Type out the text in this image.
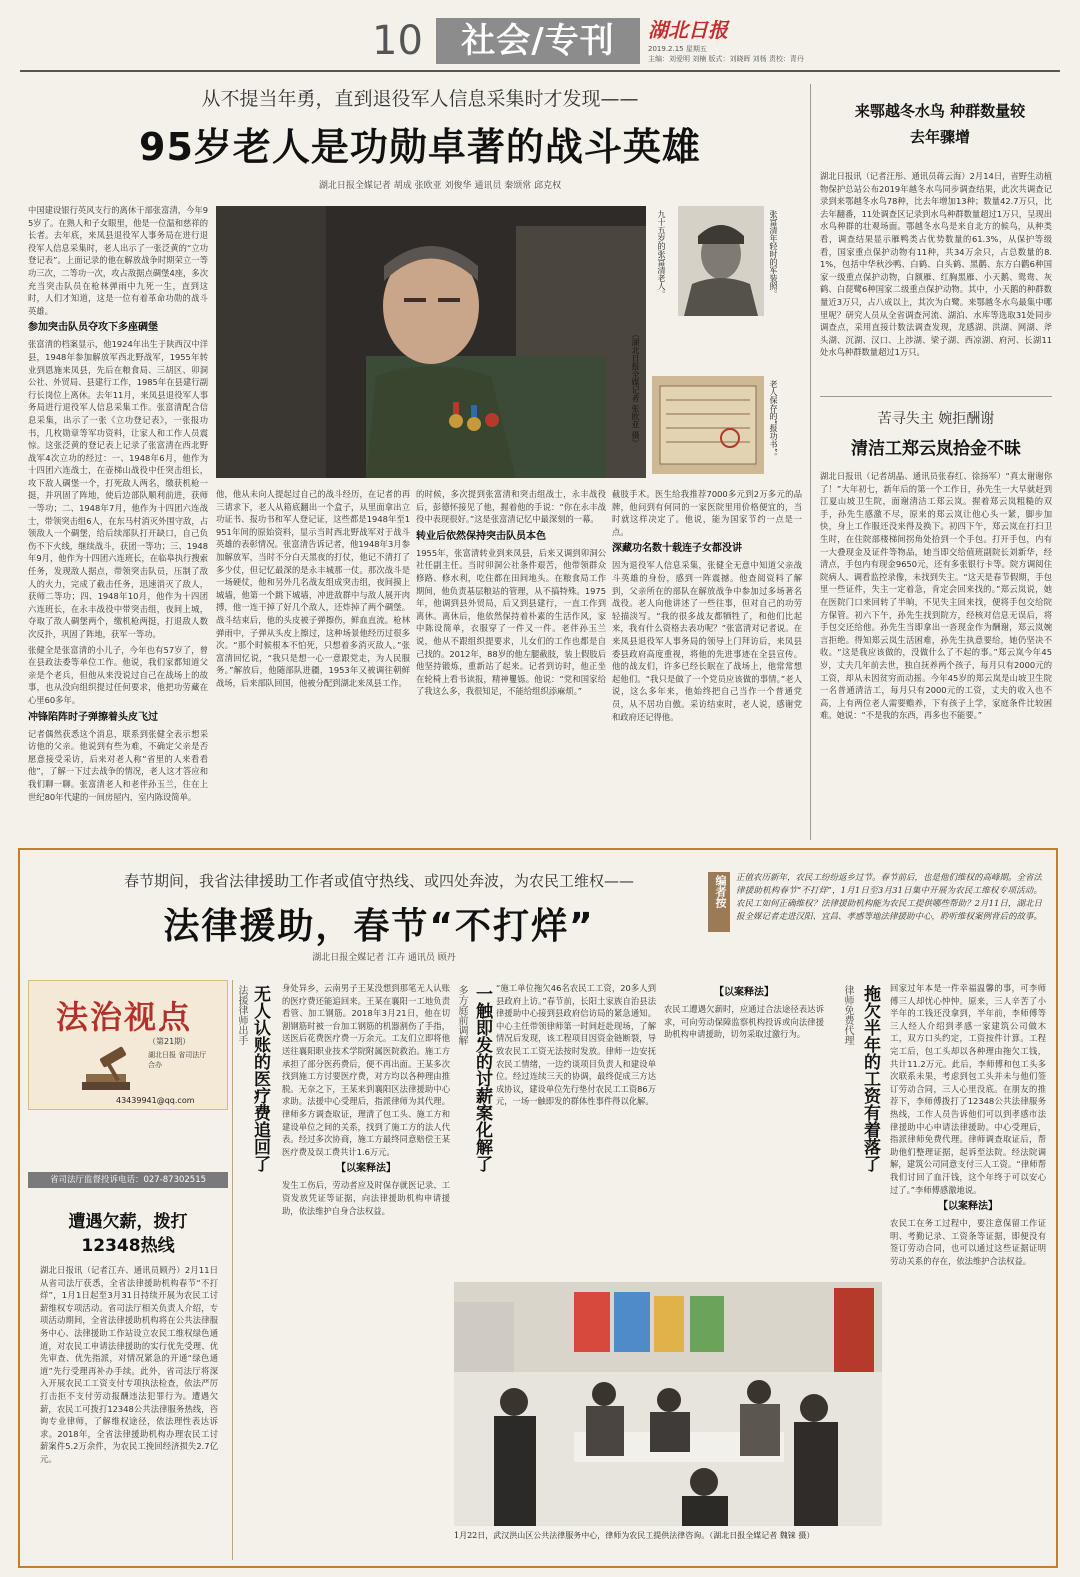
10	社会/专刊	湖北日报
2019.2.15 星期五
主编：刘爱明 刘楠 版式：刘晓晖 刘杨 责校：青丹
从不提当年勇，直到退役军人信息采集时才发现——
95岁老人是功勋卓著的战斗英雄
湖北日报全媒记者 胡成 张欧亚 刘俊华 通讯员 秦颂常 邱克权
中国建设银行英风支行的离休干部张富清，今年95岁了。在熟人和子女眼里，他是一位温和慈祥的长者。去年底，来凤县退役军人事务局在进行退役军人信息采集时，老人出示了一张泛黄的“立功登记表”。上面记录的他在解放战争时期荣立一等功三次，二等功一次，攻占敌据点碉堡4座，多次充当突击队员在枪林弹雨中九死一生，直到这时，人们才知道，这是一位有着革命功勋的战斗英雄。
参加突击队员夺攻下多座碉堡
张富清的档案显示，他1924年出生于陕西汉中洋县，1948年参加解放军西北野战军，1955年转业到恩施来凤县，先后在粮食局、三胡区、卯洞公社、外贸局、县建行工作，1985年在县建行副行长岗位上离休。去年11月，来凤县退役军人事务局进行退役军人信息采集工作。张富清配合信息采集，出示了一张《立功登记表》，一张报功书，几枚勋章等军功资料，让家人和工作人员震惊。这张泛黄的登记表上记录了张富清在西北野战军4次立功的经过：一、1948年6月，他作为十四团六连战士，在壶梯山战役中任突击组长，攻下敌人碉堡一个，打死敌人两名，缴获机枪一挺，并巩固了阵地，使后边部队顺利前进，获师一等功；二、1948年7月，他作为十四团六连战士，带领突击组6人，在东马村消灭外围守敌，占领敌人一个碉堡，给后续部队打开缺口，自己负伤不下火线，继续战斗，获团一等功；三、1948年9月，他作为十四团六连班长，在临皋执行搜索任务，发现敌人据点，带领突击队员，压制了敌人的火力，完成了截击任务，迅速消灭了敌人，获师二等功；四、1948年10月，他作为十四团六连班长，在永丰战役中带突击组，夜间上城，夺取了敌人碉堡两个，缴机枪两挺，打退敌人数次反扑，巩固了阵地，获军一等功。
张健全是张富清的小儿子，今年也有57岁了，曾在县政法委等单位工作。他说，我们家都知道父亲是个老兵，但他从来没说过自己在战场上的故事，也从没向组织提过任何要求，他把功劳藏在心里60多年。
冲锋陷阵时子弹擦着头皮飞过
记者偶然获悉这个消息，联系到张健全表示想采访他的父亲。他说到有些为难，不确定父亲是否愿意接受采访，后来对老人称“省里的人来看看他”，了解一下过去战争的情况，老人这才答应和我们聊一聊。张富清老人和老伴孙玉兰，住在上世纪80年代建的一间房屋内，室内陈设简单。
九十五岁的张富清老人。	张富清年轻时的军装照。
（湖北日报全媒记者 张欧亚 摄）	老人保存的“报功书”。
他，他从未向人提起过自己的战斗经历，在记者的再三请求下，老人从箱底翻出一个盒子，从里面拿出立功证书、报功书和军人登记证，这些都是1948年至1951年间的原始资料，显示当时西北野战军对于战斗英雄的表彰情况。张富清告诉记者，他1948年3月参加解放军，当时不分白天黑夜的打仗，他记不清打了多少仗，但记忆最深的是永丰城那一仗。那次战斗是一场硬仗，他和另外几名战友组成突击组，夜间摸上城墙，他第一个跳下城墙，冲进敌群中与敌人展开肉搏，他一连干掉了好几个敌人，还炸掉了两个碉堡。战斗结束后，他的头皮被子弹擦伤，鲜血直流。枪林弹雨中，子弹从头皮上擦过，这种场景他经历过很多次。“那个时候根本不怕死，只想着多消灭敌人。”张富清回忆说，“我只是想一心一意跟党走，为人民服务。”解放后，他随部队进疆，1953年又被调往朝鲜战场，后来部队回国，他被分配到湖北来凤县工作。
的时候，多次提到张富清和突击组战士，永丰战役后，彭德怀接见了他，握着他的手说：“你在永丰战役中表现很好。”这是张富清记忆中最深刻的一幕。
转业后依然保持突击队员本色
1955年，张富清转业到来凤县，后来又调到卯洞公社任副主任。当时卯洞公社条件艰苦，他带领群众修路、修水利，吃住都在田间地头。在粮食局工作期间，他负责基层粮站的管理，从不搞特殊。1975年，他调到县外贸局，后又到县建行，一直工作到离休。离休后，他依然保持着朴素的生活作风，家中陈设简单，衣服穿了一件又一件。老伴孙玉兰说，他从不跟组织提要求，儿女们的工作也都是自己找的。2012年，88岁的他左腿截肢，装上假肢后他坚持锻炼，重新站了起来。记者到访时，他正坐在轮椅上看书读报，精神矍铄。他说：“党和国家给了我这么多，我很知足，不能给组织添麻烦。”
截肢手术。医生给我推荐7000多元到2万多元的品牌，他问到有何同的一家医院里用价格便宜的，当时就这样决定了。他说，能为国家节约一点是一点。
深藏功名数十载连子女都没讲
因为退役军人信息采集，张健全无意中知道父亲战斗英雄的身份，感到一阵震撼。他查阅资料了解到，父亲所在的部队在解放战争中参加过多场著名战役。老人向他讲述了一些往事，但对自己的功劳轻描淡写。“我的很多战友都牺牲了，和他们比起来，我有什么资格去表功呢？”张富清对记者说。在来凤县退役军人事务局的领导上门拜访后，来凤县委县政府高度重视，将他的先进事迹在全县宣传。他的战友们，许多已经长眠在了战场上，他常常想起他们。“我只是做了一个党员应该做的事情。”老人说，这么多年来，他始终把自己当作一个普通党员，从不居功自傲。采访结束时，老人说，感谢党和政府还记得他。
来鄂越冬水鸟 种群数量较去年骤增
湖北日报讯（记者汪彤、通讯员蒋云海）2月14日，省野生动植物保护总站公布2019年越冬水鸟同步调查结果，此次共调查记录到来鄂越冬水鸟78种，比去年增加13种；数量42.7万只，比去年翻番，11处调查区记录到水鸟种群数量超过1万只，呈现出水鸟种群的壮观场面。鄂越冬水鸟是来自北方的候鸟，从种类看，调查结果显示雁鸭类占优势数量的61.3%，从保护等级看，国家重点保护动物有11种，共34万余只，占总数量的8.1%，包括中华秋沙鸭、白鹤、白头鹤、黑鹳、东方白鹳6种国家一级重点保护动物，白额雁、红胸黑雁、小天鹅、鸳鸯、灰鹤、白琵鹭6种国家二级重点保护动物。其中，小天鹅的种群数量近3万只，占八成以上，其次为白鹭。来鄂越冬水鸟最集中哪里呢？研究人员从全省调查河流、湖泊、水库等选取31处同步调查点，采用直接计数法调查发现，龙感湖、洪湖、网湖、斧头湖、沉湖、汉口、上涉湖、梁子湖、西凉湖、府河、长湖11处水鸟种群数量超过1万只。
苦寻失主 婉拒酬谢
清洁工郑云岚拾金不昧
湖北日报讯（记者胡晶、通讯员张春红、徐扬军）“真太谢谢你了！”大年初七，新年后的第一个工作日，孙先生一大早就赶到江夏山坡卫生院，面谢清洁工郑云岚。握着郑云岚粗糙的双手，孙先生感激不尽，原来的郑云岚让他心头一紧，脚步加快，身上工作服还没来得及换下。初四下午，郑云岚在打扫卫生时，在住院部楼梯间拐角处拾到一个手包。打开手包，内有一大叠现金及证件等物品，她当即交给值班副院长刘新华，经清点，手包内有现金9650元，还有多张银行卡等。院方调阅住院病人、调看监控录像，未找到失主。“这天是春节假期，手包里一些证件，失主一定着急，肯定会回来找的。”郑云岚说，她在医院门口来回转了半晌，不见失主回来找，便将手包交给院方保管。初六下午，孙先生找到院方，经核对信息无误后，将手包交还给他。孙先生当即拿出一沓现金作为酬谢，郑云岚婉言拒绝。得知郑云岚生活困难，孙先生执意要给，她仍坚决不收。“这是我应该做的，没做什么了不起的事。”郑云岚今年45岁，丈夫几年前去世，独自抚养两个孩子，每月只有2000元的工资，却从未因贫穷而动摇。今年45岁的郑云岚是山坡卫生院一名普通清洁工，每月只有2000元的工资，丈夫的收入也不高，上有两位老人需要赡养，下有孩子上学，家庭条件比较困难。她说：“不是我的东西，再多也不能要。”
春节期间，我省法律援助工作者或值守热线、或四处奔波，为农民工维权——
法律援助，春节“不打烊”
湖北日报全媒记者 江卉 通讯员 顾丹
编者按	正值农历新年，农民工纷纷返乡过节。春节前后，也是他们维权的高峰期。全省法律援助机构春节“不打烊”，1月1日至3月31日集中开展为农民工维权专项活动。农民工如何正确维权？法律援助机构能为农民工提供哪些帮助？2月11日，湖北日报全媒记者走进汉阳、宜昌、孝感等地法律援助中心，聆听维权案例背后的故事。
法治视点
（第21期）
湖北日报 省司法厅 合办
43439941@qq.com
省司法厅监督投诉电话：027-87302515
遭遇欠薪，拨打12348热线
湖北日报讯（记者江卉、通讯员顾丹）2月11日从省司法厅获悉，全省法律援助机构春节“不打烊”，1月1日起至3月31日持续开展为农民工讨薪维权专项活动。省司法厅相关负责人介绍，专项活动期间，全省法律援助机构将在公共法律服务中心、法律援助工作站设立农民工维权绿色通道，对农民工申请法律援助的实行优先受理、优先审查、优先指派，对情况紧急的开通“绿色通道”先行受理再补办手续。此外，省司法厅将深入开展农民工工资支付专项执法检查，依法严厉打击拒不支付劳动报酬违法犯罪行为。遭遇欠薪，农民工可拨打12348公共法律服务热线，咨询专业律师，了解维权途径，依法理性表达诉求。2018年，全省法律援助机构办理农民工讨薪案件5.2万余件，为农民工挽回经济损失2.7亿元。
无人认账的医疗费追回了
法援律师出手	身处异乡，云南男子王某没想到那笔无人认账的医疗费还能追回来。王某在襄阳一工地负责看管、加工钢筋。2018年3月21日，他在切割钢筋时被一台加工钢筋的机器割伤了手指，送医后花费医疗费一万余元。工友们立即将他送往襄阳职业技术学院附属医院救治。施工方承担了部分医药费后，便不再出面。王某多次找到施工方讨要医疗费，对方均以各种理由推脱。无奈之下，王某来到襄阳区法律援助中心求助。法援中心受理后，指派律师为其代理。律师多方调查取证，理清了包工头、施工方和建设单位之间的关系，找到了施工方的法人代表。经过多次协商，施工方最终同意赔偿王某医疗费及误工费共计1.6万元。
【以案释法】
发生工伤后，劳动者应及时保存就医记录、工资发放凭证等证据，向法律援助机构申请援助，依法维护自身合法权益。
一触即发的讨薪案化解了
多方庭前调解	“施工单位拖欠46名农民工工资，20多人到县政府上访。”春节前，长阳土家族自治县法律援助中心接到县政府信访局的紧急通知。中心主任带领律师第一时间赶赴现场，了解情况后发现，该工程项目因资金链断裂，导致农民工工资无法按时发放。律师一边安抚农民工情绪，一边约谈项目负责人和建设单位。经过连续三天的协调，最终促成三方达成协议，建设单位先行垫付农民工工资86万元，一场一触即发的群体性事件得以化解。
【以案释法】
农民工遭遇欠薪时，应通过合法途径表达诉求，可向劳动保障监察机构投诉或向法律援助机构申请援助，切勿采取过激行为。	拖欠半年的工资有着落了
律师免费代理	回家过年本是一件幸福温馨的事，可李师傅三人却忧心忡忡。原来，三人辛苦了小半年的工钱还没拿到，半年前，李师傅等三人经人介绍到孝感一家建筑公司做木工，双方口头约定，工资按件计算。工程完工后，包工头却以各种理由拖欠工钱，共计11.2万元。此后，李师傅和包工头多次联系未果，考虑到包工头并未与他们签订劳动合同，三人心里没底。在朋友的推荐下，李师傅拨打了12348公共法律服务热线，工作人员告诉他们可以到孝感市法律援助中心申请法律援助。中心受理后，指派律师免费代理。律师调查取证后，帮助他们整理证据，起诉至法院。经法院调解，建筑公司同意支付三人工资。“律师帮我们讨回了血汗钱，这个年终于可以安心过了。”李师傅感激地说。
【以案释法】
农民工在务工过程中，要注意保留工作证明、考勤记录、工资条等证据，即便没有签订劳动合同，也可以通过这些证据证明劳动关系的存在，依法维护合法权益。
1月22日，武汉洪山区公共法律服务中心，律师为农民工提供法律咨询。（湖北日报全媒记者 魏铼 摄）
